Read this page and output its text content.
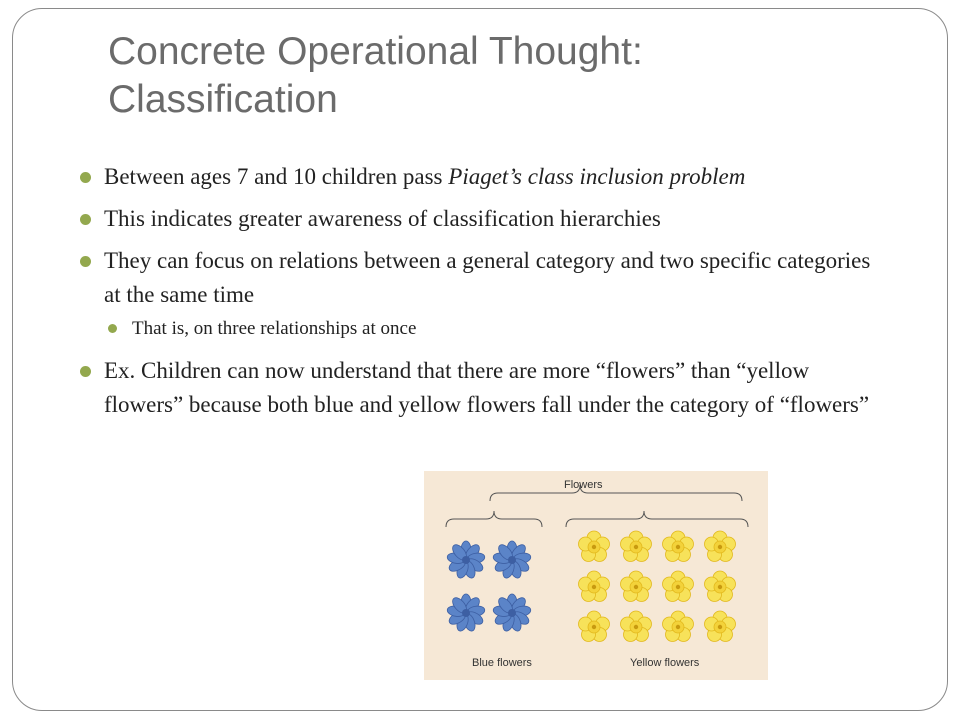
Concrete Operational Thought:
Classification
Between ages 7 and 10 children pass Piaget’s class inclusion problem
This indicates greater awareness of classification hierarchies
They can focus on relations between a general category and two specific categories at the same time
That is, on three relationships at once
Ex. Children can now understand that there are more “flowers” than “yellow flowers” because both blue and yellow flowers fall under the category of “flowers”
Flowers
Blue flowers	Yellow flowers
